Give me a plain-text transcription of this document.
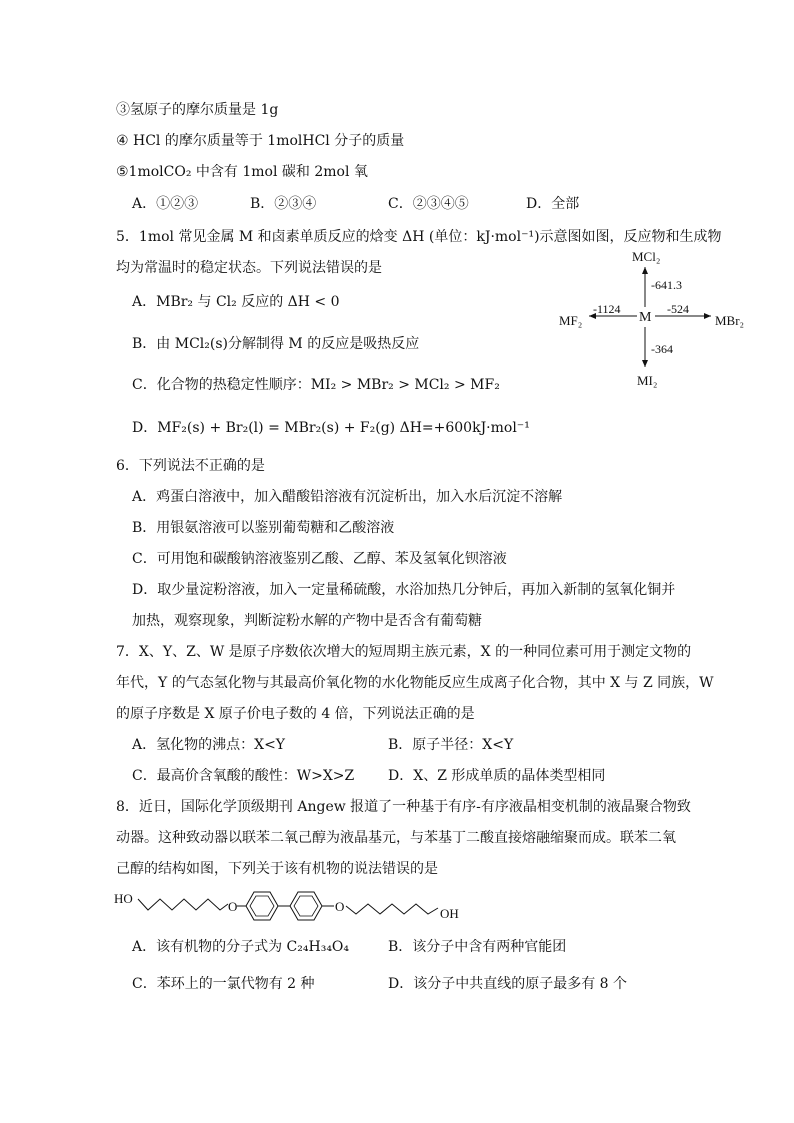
③氢原子的摩尔质量是 1g
④ HCl 的摩尔质量等于 1molHCl 分子的质量
⑤1molCO₂ 中含有 1mol 碳和 2mol 氧
A．①②③	B．②③④	C．②③④⑤	D．全部
5．1mol 常见金属 M 和卤素单质反应的焓变 ΔH (单位：kJ·mol⁻¹)示意图如图，反应物和生成物
均为常温时的稳定状态。下列说法错误的是
A．MBr₂ 与 Cl₂ 反应的 ΔH < 0
B．由 MCl₂(s)分解制得 M 的反应是吸热反应
C．化合物的热稳定性顺序：MI₂ > MBr₂ > MCl₂ > MF₂
D．MF₂(s) + Br₂(l) = MBr₂(s) + F₂(g) ΔH=+600kJ·mol⁻¹
M
MCl₂
-641.3
MF₂
-1124
MBr₂
-524
MI₂
-364
6．下列说法不正确的是
A．鸡蛋白溶液中，加入醋酸铅溶液有沉淀析出，加入水后沉淀不溶解
B．用银氨溶液可以鉴别葡萄糖和乙酸溶液
C．可用饱和碳酸钠溶液鉴别乙酸、乙醇、苯及氢氧化钡溶液
D．取少量淀粉溶液，加入一定量稀硫酸，水浴加热几分钟后，再加入新制的氢氧化铜并
加热，观察现象，判断淀粉水解的产物中是否含有葡萄糖
7．X、Y、Z、W 是原子序数依次增大的短周期主族元素，X 的一种同位素可用于测定文物的
年代，Y 的气态氢化物与其最高价氧化物的水化物能反应生成离子化合物，其中 X 与 Z 同族，W
的原子序数是 X 原子价电子数的 4 倍，下列说法正确的是
A．氢化物的沸点：X<Y	B．原子半径：X<Y
C．最高价含氧酸的酸性：W>X>Z D．X、Z 形成单质的晶体类型相同
8．近日，国际化学顶级期刊 Angew 报道了一种基于有序-有序液晶相变机制的液晶聚合物致
动器。这种致动器以联苯二氧己醇为液晶基元，与苯基丁二酸直接熔融缩聚而成。联苯二氧
己醇的结构如图，下列关于该有机物的说法错误的是
HO
O	O	OH
A．该有机物的分子式为 C₂₄H₃₄O₄	B．该分子中含有两种官能团
C．苯环上的一氯代物有 2 种	D．该分子中共直线的原子最多有 8 个
